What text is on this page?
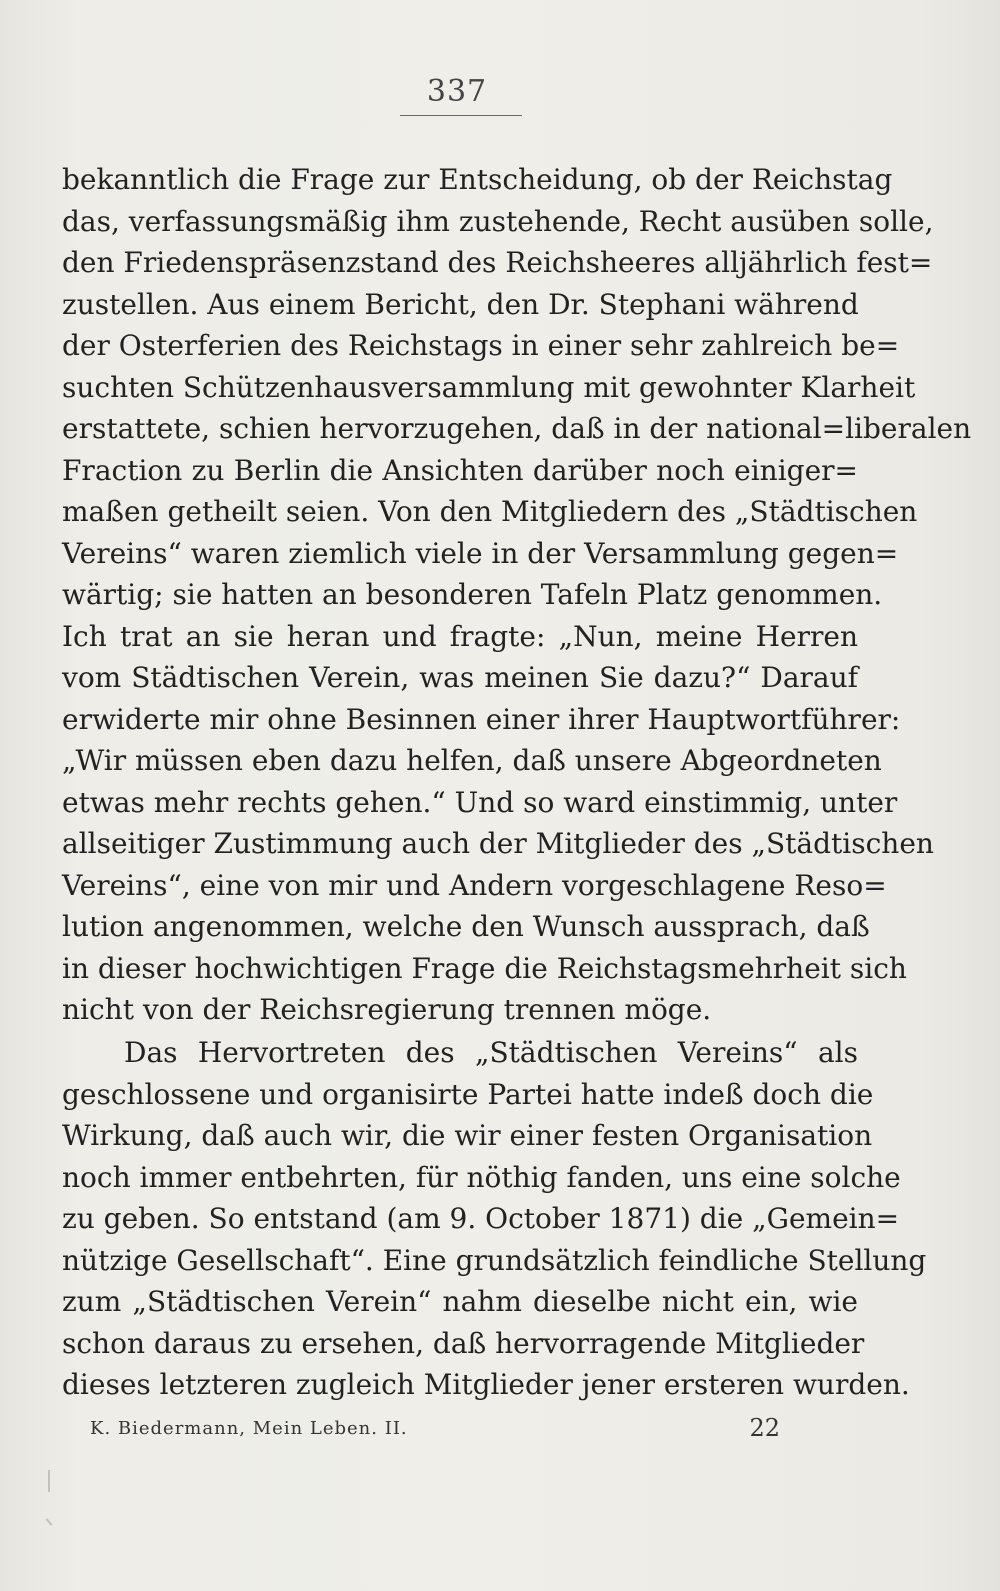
337
bekanntlich die Frage zur Entscheidung, ob der Reichstag
das, verfassungsmäßig ihm zustehende, Recht ausüben solle,
den Friedenspräsenzstand des Reichsheeres alljährlich fest=
zustellen. Aus einem Bericht, den Dr. Stephani während
der Osterferien des Reichstags in einer sehr zahlreich be=
suchten Schützenhausversammlung mit gewohnter Klarheit
erstattete, schien hervorzugehen, daß in der national=liberalen
Fraction zu Berlin die Ansichten darüber noch einiger=
maßen getheilt seien. Von den Mitgliedern des „Städtischen
Vereins“ waren ziemlich viele in der Versammlung gegen=
wärtig; sie hatten an besonderen Tafeln Platz genommen.
Ich trat an sie heran und fragte: „Nun, meine Herren
vom Städtischen Verein, was meinen Sie dazu?“ Darauf
erwiderte mir ohne Besinnen einer ihrer Hauptwortführer:
„Wir müssen eben dazu helfen, daß unsere Abgeordneten
etwas mehr rechts gehen.“ Und so ward einstimmig, unter
allseitiger Zustimmung auch der Mitglieder des „Städtischen
Vereins“, eine von mir und Andern vorgeschlagene Reso=
lution angenommen, welche den Wunsch aussprach, daß
in dieser hochwichtigen Frage die Reichstagsmehrheit sich
nicht von der Reichsregierung trennen möge.
Das Hervortreten des „Städtischen Vereins“ als
geschlossene und organisirte Partei hatte indeß doch die
Wirkung, daß auch wir, die wir einer festen Organisation
noch immer entbehrten, für nöthig fanden, uns eine solche
zu geben. So entstand (am 9. October 1871) die „Gemein=
nützige Gesellschaft“. Eine grundsätzlich feindliche Stellung
zum „Städtischen Verein“ nahm dieselbe nicht ein, wie
schon daraus zu ersehen, daß hervorragende Mitglieder
dieses letzteren zugleich Mitglieder jener ersteren wurden.
K. Biedermann, Mein Leben. II.	22
